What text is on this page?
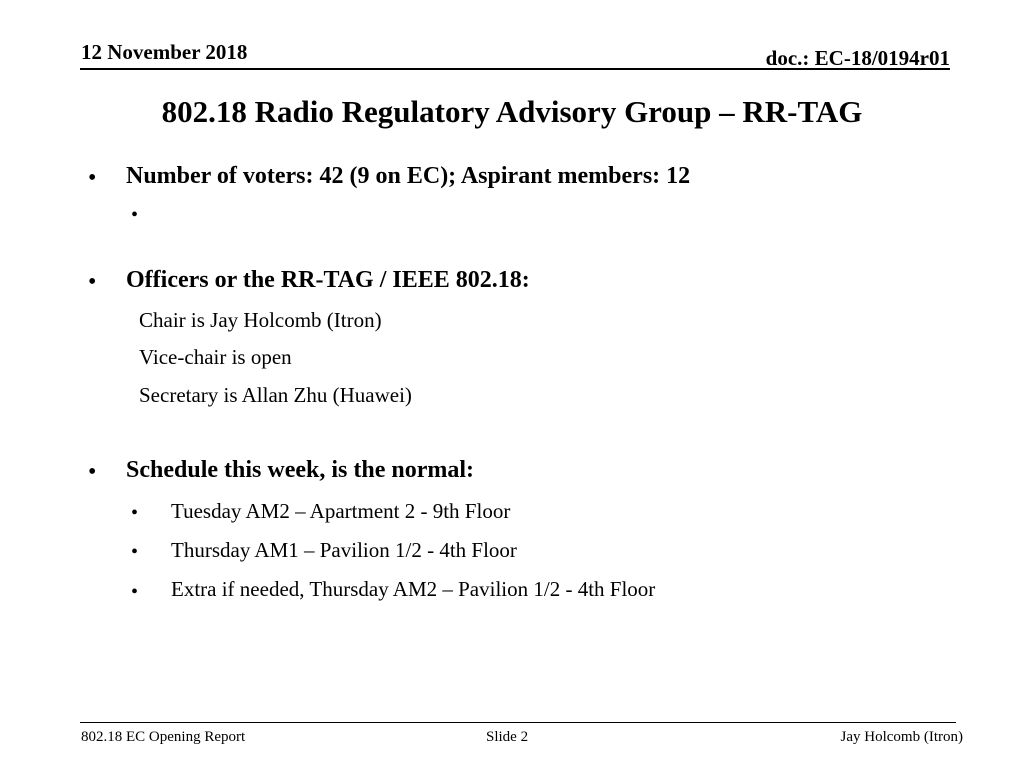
12 November 2018	doc.: EC-18/0194r01
802.18 Radio Regulatory Advisory Group – RR-TAG
• Number of voters: 42 (9 on EC); Aspirant members: 12
•
• Officers or the RR-TAG / IEEE 802.18:
Chair is Jay Holcomb (Itron)
Vice-chair is open
Secretary is Allan Zhu (Huawei)
• Schedule this week, is the normal:
• Tuesday AM2 – Apartment 2 - 9th Floor
• Thursday AM1 – Pavilion 1/2 - 4th Floor
• Extra if needed, Thursday AM2 – Pavilion 1/2 - 4th Floor
802.18 EC Opening Report	Slide 2	Jay Holcomb (Itron)
